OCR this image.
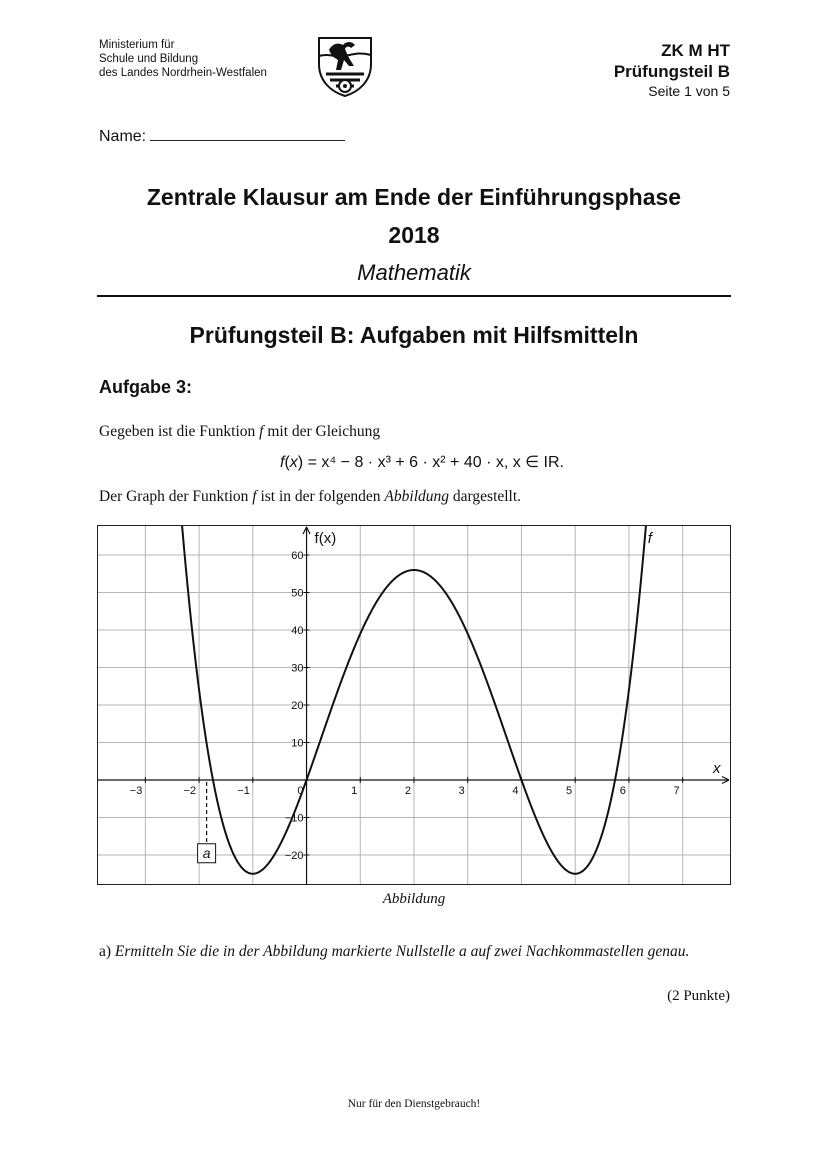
Ministerium für
Schule und Bildung
des Landes Nordrhein-Westfalen
ZK M HT
Prüfungsteil B
Seite 1 von 5
Name:
Zentrale Klausur am Ende der Einführungsphase
2018
Mathematik
Prüfungsteil B: Aufgaben mit Hilfsmitteln
Aufgabe 3:
Gegeben ist die Funktion f mit der Gleichung
f(x) = x⁴ − 8 · x³ + 6 · x² + 40 · x, x ∈ IR.
Der Graph der Funktion f ist in der folgenden Abbildung dargestellt.
−3	−2	−1	0	1	2	3	4	5	6	7
−20
−10
10
20
30
40
50
60
x
f(x)	f
a
Abbildung
a) Ermitteln Sie die in der Abbildung markierte Nullstelle a auf zwei Nachkommastellen genau.
(2 Punkte)
Nur für den Dienstgebrauch!
